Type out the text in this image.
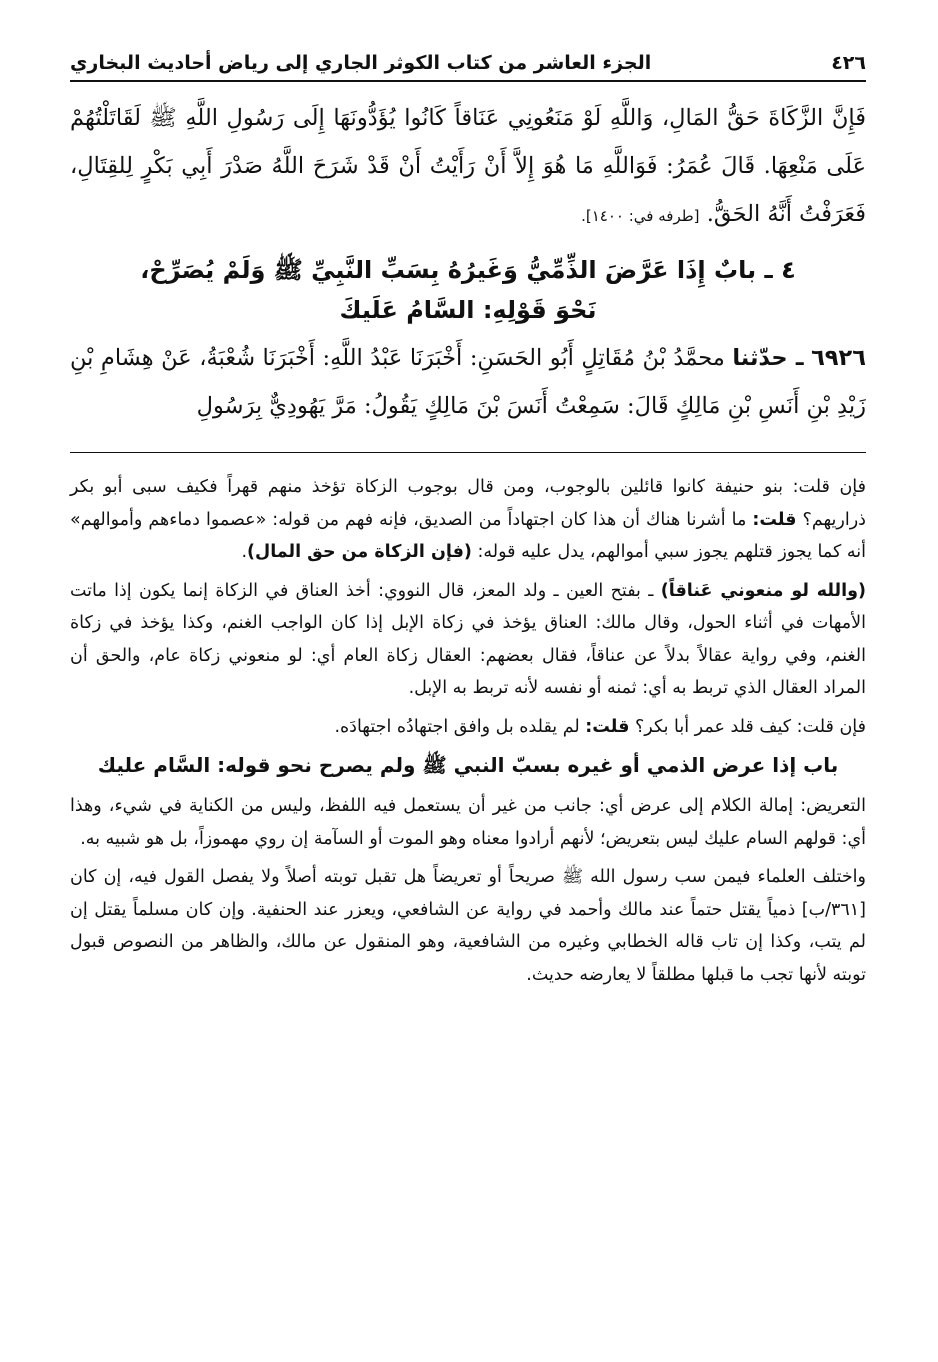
٤٢٦
الجزء العاشر من كتاب الكوثر الجاري إلى رياض أحاديث البخاري

فَإِنَّ الزَّكَاةَ حَقُّ المَالِ، وَاللَّهِ لَوْ مَنَعُونِي عَنَاقاً كَانُوا يُؤَدُّونَهَا إِلَى رَسُولِ اللَّهِ ﷺ لَقَاتَلْتُهُمْ عَلَى مَنْعِهَا. قَالَ عُمَرُ: فَوَاللَّهِ مَا هُوَ إِلاَّ أَنْ رَأَيْتُ أَنْ قَدْ شَرَحَ اللَّهُ صَدْرَ أَبِي بَكْرٍ لِلقِتَالِ، فَعَرَفْتُ أَنَّهُ الحَقُّ. [طرفه في: ١٤٠٠].

٤ ـ بابٌ إِذَا عَرَّضَ الذِّمِّيُّ وَغَيرُهُ بِسَبِّ النَّبِيِّ ﷺ وَلَمْ يُصَرِّحْ،
نَحْوَ قَوْلِهِ: السَّامُ عَلَيكَ

٦٩٢٦ ـ حدّثنا محمَّدُ بْنُ مُقَاتِلٍ أَبُو الحَسَنِ: أَخْبَرَنَا عَبْدُ اللَّهِ: أَخْبَرَنَا شُعْبَةُ، عَنْ هِشَامِ بْنِ زَيْدِ بْنِ أَنَسِ بْنِ مَالِكٍ قَالَ: سَمِعْتُ أَنَسَ بْنَ مَالِكٍ يَقُولُ: مَرَّ يَهُودِيٌّ بِرَسُولِ

فإن قلت: بنو حنيفة كانوا قائلين بالوجوب، ومن قال بوجوب الزكاة تؤخذ منهم قهراً فكيف سبى أبو بكر ذراريهم؟ قلت: ما أشرنا هناك أن هذا كان اجتهاداً من الصديق، فإنه فهم من قوله: «عصموا دماءهم وأموالهم» أنه كما يجوز قتلهم يجوز سبي أموالهم، يدل عليه قوله: (فإن الزكاة من حق المال).

(والله لو منعوني عَناقاً) ـ بفتح العين ـ ولد المعز، قال النووي: أخذ العناق في الزكاة إنما يكون إذا ماتت الأمهات في أثناء الحول، وقال مالك: العناق يؤخذ في زكاة الإبل إذا كان الواجب الغنم، وكذا يؤخذ في زكاة الغنم، وفي رواية عقالاً بدلاً عن عناقاً، فقال بعضهم: العقال زكاة العام أي: لو منعوني زكاة عام، والحق أن المراد العقال الذي تربط به أي: ثمنه أو نفسه لأنه تربط به الإبل.

فإن قلت: كيف قلد عمر أبا بكر؟ قلت: لم يقلده بل وافق اجتهادُه اجتهادَه.

باب إذا عرض الذمي أو غيره بسبّ النبي ﷺ ولم يصرح نحو قوله: السَّام عليك

التعريض: إمالة الكلام إلى عرض أي: جانب من غير أن يستعمل فيه اللفظ، وليس من الكناية في شيء، وهذا أي: قولهم السام عليك ليس بتعريض؛ لأنهم أرادوا معناه وهو الموت أو السآمة إن روي مهموزاً، بل هو شبيه به.

واختلف العلماء فيمن سب رسول الله ﷺ صريحاً أو تعريضاً هل تقبل توبته أصلاً ولا يفصل القول فيه، إن كان [٣٦١/ب] ذمياً يقتل حتماً عند مالك وأحمد في رواية عن الشافعي، ويعزر عند الحنفية. وإن كان مسلماً يقتل إن لم يتب، وكذا إن تاب قاله الخطابي وغيره من الشافعية، وهو المنقول عن مالك، والظاهر من النصوص قبول توبته لأنها تجب ما قبلها مطلقاً لا يعارضه حديث.
